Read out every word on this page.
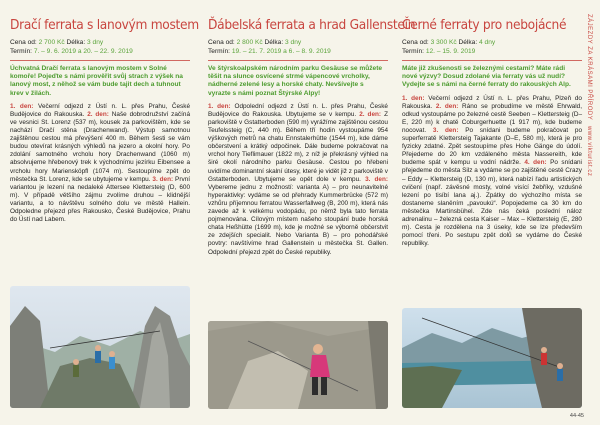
Dračí ferrata s lanovým mostem
Cena od: 2 700 Kč Délka: 3 dny
Termín: 7. – 9. 6. 2019 a 20. – 22. 9. 2019
Úchvatná Dračí ferrata s lanovým mostem v Solné komoře! Pojeďte s námi prověřit svůj strach z výšek na lanový most, z něhož se vám bude tajit dech a tuhnout krev v žilách.
1. den: Večerní odjezd z Ústí n. L. přes Prahu, České Budějovice do Rakouska. 2. den: Naše dobrodružství začíná ve vesnici St. Lorenz (537 m), kousek za parkovištěm, kde se nachází Dračí stěna (Drachenwand). Výstup samotnou zajištěnou cestou má převýšení 400 m. Během šesti se vám budou otevírat krásných výhledů na jezero a okolní hory. Po zdolání samotného vrcholu hory Drachenwand (1060 m) absolvujeme hřebenový trek k východnímu jezírku Eibensee a vrcholu hory Mariensköpfl (1074 m). Sestoupíme zpět do městečka St. Lorenz, kde se ubytujeme v kempu. 3. den: První variantou je lezení na nedaleké Attersee Klettersteig (D, 600 m). V případě většího zájmu zvolíme druhou – klidnější variantu, a to návštěvu solného dolu ve městě Hallein. Odpoledne přejezd přes Rakousko, České Budějovice, Prahu do Ústí nad Labem.
Ďábelská ferrata a hrad Gallenstein
Cena od: 2 800 Kč Délka: 3 dny
Termín: 19. – 21. 7. 2019 a 6. – 8. 9. 2019
Ve štýrskoalpském národním parku Gesäuse se můžete těšit na slunce osvícené strmé vápencové vrcholky, nádherné zelené lesy a horské chaty. Nevšívejte s vyrazte s námi poznat Štýrské Alpy!
1. den: Odpolední odjezd z Ústí n. L. přes Prahu, České Budějovice do Rakouska. Ubytujeme se v kempu. 2. den: Z parkoviště v Gstatterboden (590 m) vyrážíme zajištěnou cestou Teufelssteig (C, 440 m). Během tří hodin vystoupáme 954 výškových metrů na chatu Ennstalerhütte (1544 m), kde dáme občerstvení a krátký odpočinek. Dále budeme pokračovat na vrchol hory Tieflimauer (1822 m), z níž je překrásný výhled na širé okolí národního parku Gesäuse. Cestou po hřebeni uvidíme dominantní skalní útesy, které je vidět již z parkoviště v Gstatterboden. Ubytujeme se opět dole v kempu. 3. den: Vybereme jednu z možností: varianta A) – pro neunavitelné hyperaktivky: vydáme se od přehrady Kummerbrücke (572 m) vzhůru příjemnou ferratou Wasserfallweg (B, 200 m), která nás zavede až k velkému vodopádu, po němž byla tato ferrata pojmenována. Cílovým místem našeho stoupání bude horská chata Heßhütte (1699 m), kde je možné se výborně občerstvit ze zdejších specialit. Nebo Varianta B) – pro pohodářské povtry: navštívíme hrad Gallenstein u městečka St. Gallen. Odpolední přejezd zpět do České republiky.
Černé ferraty pro nebojácné
Cena od: 3 300 Kč Délka: 4 dny
Termín: 12. – 15. 9. 2019
Máte již zkušenosti se železnými cestami? Máte rádi nové výzvy? Dosud zdolané via ferraty vás už nudí? Vydejte se s námi na černé ferraty do rakouských Alp.
1. den: Večerní odjezd z Ústí n. L. přes Prahu, Plzeň do Rakouska. 2. den: Ráno se probudíme ve městě Ehrwald, odkud vystoupáme po železné cestě Seeben – Klettersteig (D–E, 220 m) k chatě Coburgerhuette (1 917 m), kde budeme nocovat. 3. den: Po snídani budeme pokračovat po superferratě Klettersteig Tajakante (D–E, 580 m), která je pro fyzicky zdatné. Zpět sestoupíme přes Hohe Gänge do údolí. Přejedeme do 20 km vzdáleného města Nassereith, kde budeme spát v kempu u vodní nádrže. 4. den: Po snídani přejedeme do města Silz a vydáme se po zajištěné cestě Crazy – Eddy – Klettersteig (D, 130 m), která nabízí řadu artistických cvičení (např. závěsné mosty, volné visící žebříky, vzdušné lezení po tisíbí lana aj.). Zpátky do výchozího místa se dostaneme slaněním „pavoukú“. Popojedeme ca 30 km do městečka Martinsbühel. Zde nás čeká poslední náloz adrenalinu – železná cesta Kaiser – Max – Klettersteig (E, 280 m). Cesta je rozdělena na 3 úseky, kde se lze především pomocí třeni. Po sestupu zpět dolů se vydáme do České republiky.
ZÁJEZDY ZA KRÁSAMI PŘÍRODY
www.vikturist.cz
44-45
